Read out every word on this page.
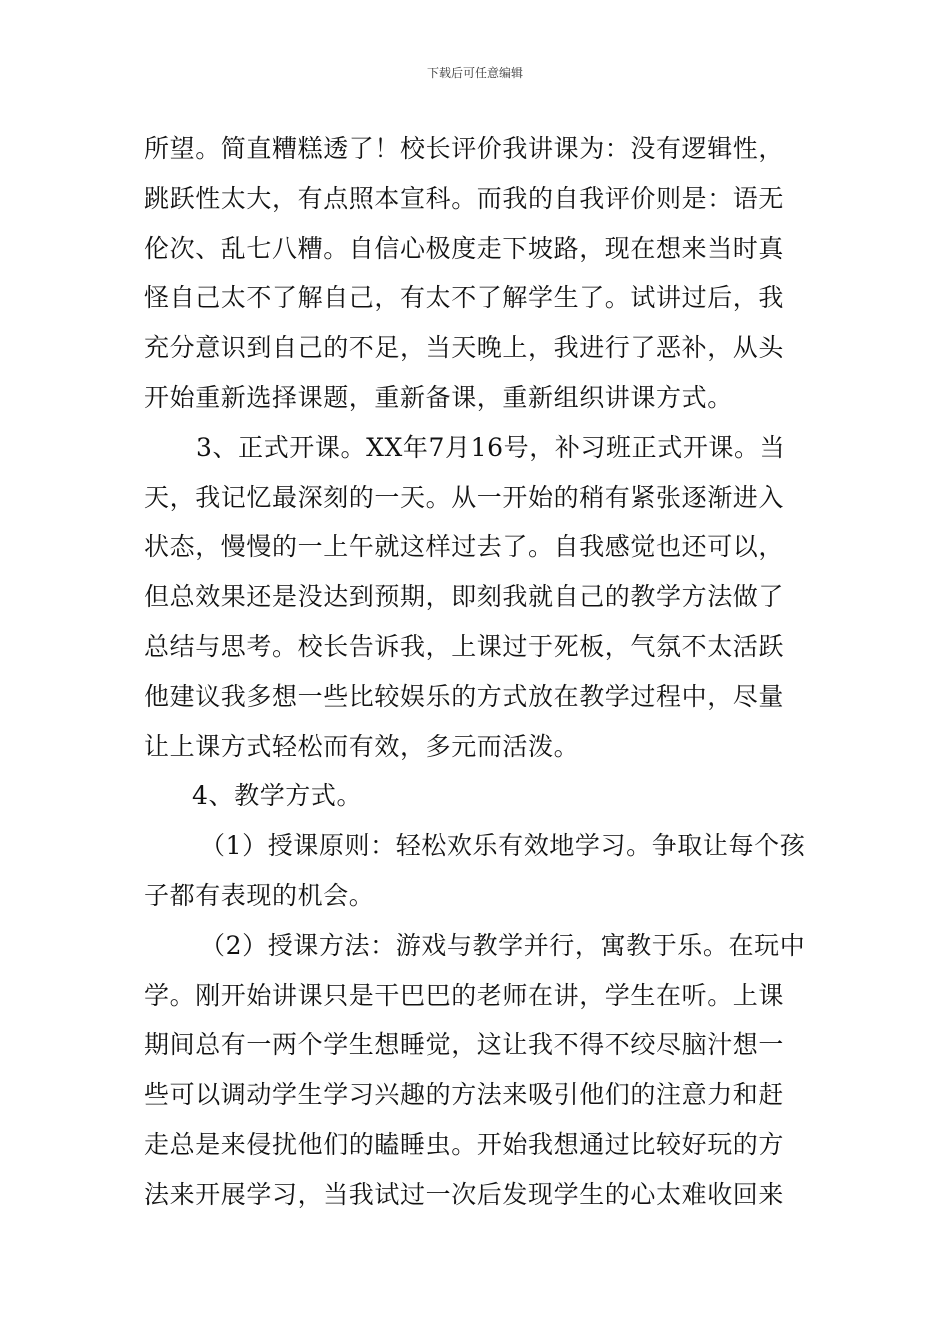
下载后可任意编辑
所望。简直糟糕透了！校长评价我讲课为：没有逻辑性，
跳跃性太大，有点照本宣科。而我的自我评价则是：语无
伦次、乱七八糟。自信心极度走下坡路，现在想来当时真
怪自己太不了解自己，有太不了解学生了。试讲过后，我
充分意识到自己的不足，当天晚上，我进行了恶补，从头
开始重新选择课题，重新备课，重新组织讲课方式。
3、正式开课。XX年7月16号，补习班正式开课。当
天，我记忆最深刻的一天。从一开始的稍有紧张逐渐进入
状态，慢慢的一上午就这样过去了。自我感觉也还可以，
但总效果还是没达到预期，即刻我就自己的教学方法做了
总结与思考。校长告诉我，上课过于死板，气氛不太活跃
他建议我多想一些比较娱乐的方式放在教学过程中，尽量
让上课方式轻松而有效，多元而活泼。
4、教学方式。
（1）授课原则：轻松欢乐有效地学习。争取让每个孩
子都有表现的机会。
（2）授课方法：游戏与教学并行，寓教于乐。在玩中
学。刚开始讲课只是干巴巴的老师在讲，学生在听。上课
期间总有一两个学生想睡觉，这让我不得不绞尽脑汁想一
些可以调动学生学习兴趣的方法来吸引他们的注意力和赶
走总是来侵扰他们的瞌睡虫。开始我想通过比较好玩的方
法来开展学习，当我试过一次后发现学生的心太难收回来
